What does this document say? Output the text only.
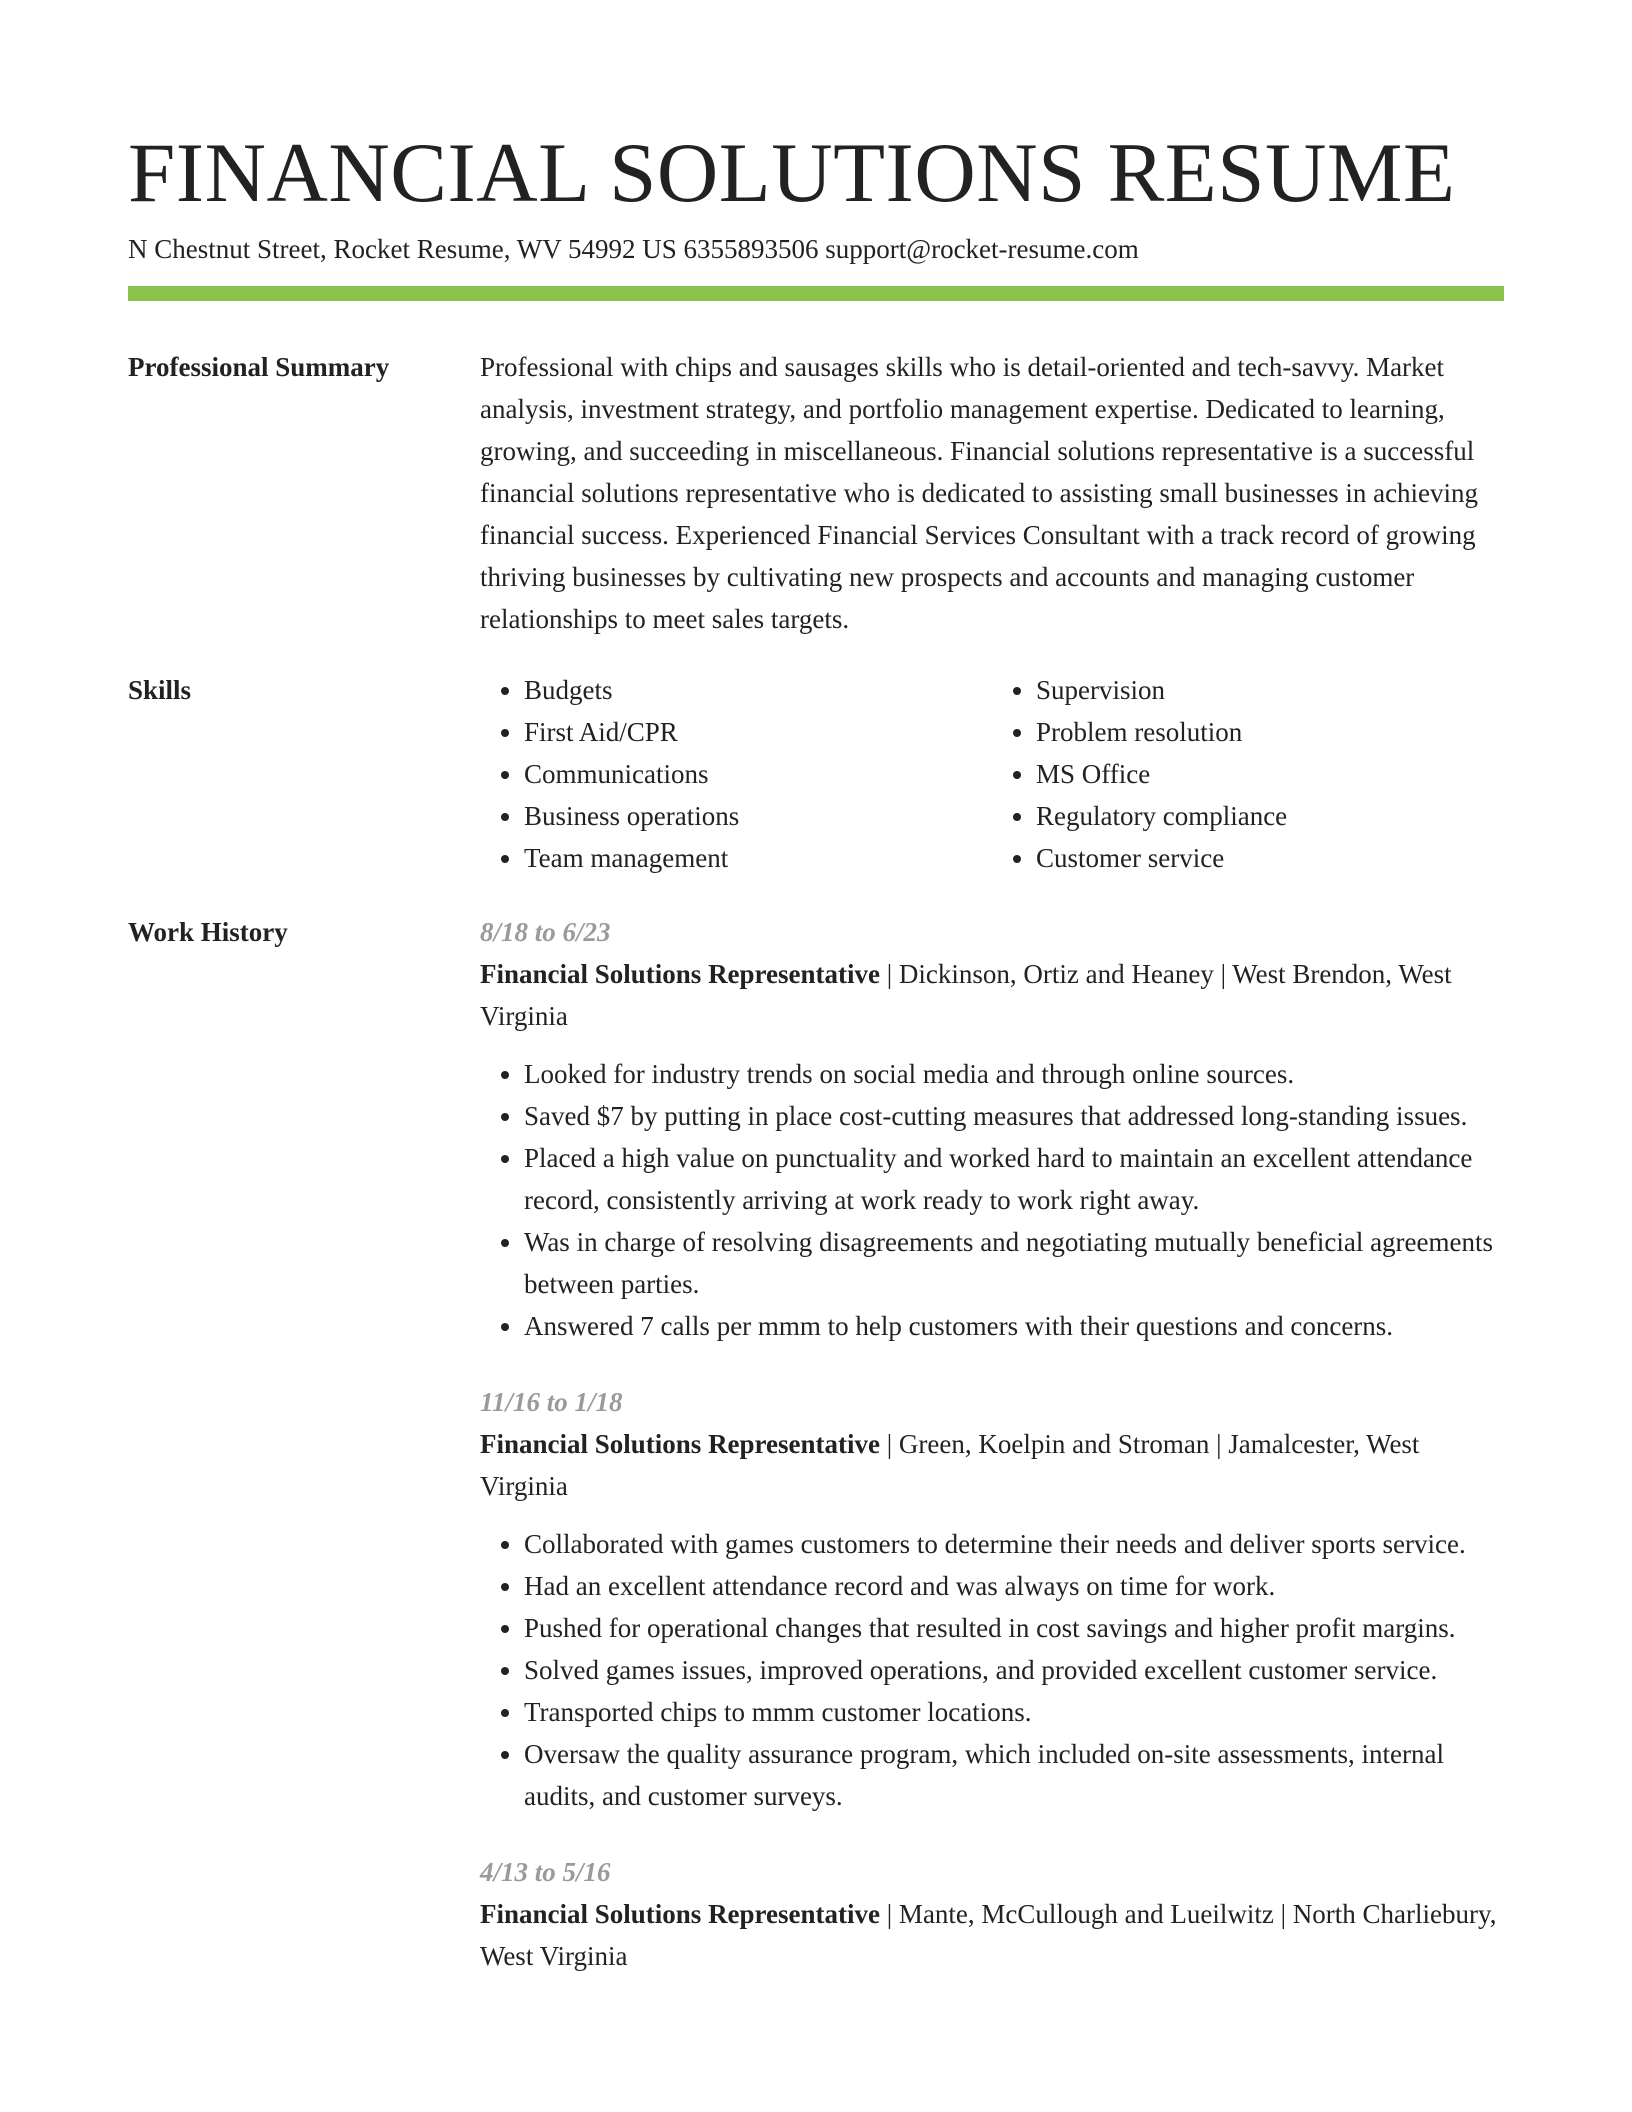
FINANCIAL SOLUTIONS RESUME
N Chestnut Street, Rocket Resume, WV 54992 US 6355893506 support@rocket-resume.com
Professional Summary	Professional with chips and sausages skills who is detail-oriented and tech-savvy. Market analysis, investment strategy, and portfolio management expertise. Dedicated to learning, growing, and succeeding in miscellaneous. Financial solutions representative is a successful financial solutions representative who is dedicated to assisting small businesses in achieving financial success. Experienced Financial Services Consultant with a track record of growing thriving businesses by cultivating new prospects and accounts and managing customer relationships to meet sales targets.

Skills
•	Budgets
• First Aid/CPR
• Communications
• Business operations
• Team management
• Supervision
• Problem resolution
• MS Office
• Regulatory compliance
• Customer service
Work History	8/18 to 6/23
Financial Solutions Representative | Dickinson, Ortiz and Heaney | West Brendon, West Virginia
• Looked for industry trends on social media and through online sources.
• Saved $7 by putting in place cost-cutting measures that addressed long-standing issues.
• Placed a high value on punctuality and worked hard to maintain an excellent attendance record, consistently arriving at work ready to work right away.
• Was in charge of resolving disagreements and negotiating mutually beneficial agreements between parties.
• Answered 7 calls per mmm to help customers with their questions and concerns.
11/16 to 1/18
Financial Solutions Representative | Green, Koelpin and Stroman | Jamalcester, West Virginia
• Collaborated with games customers to determine their needs and deliver sports service.
• Had an excellent attendance record and was always on time for work.
• Pushed for operational changes that resulted in cost savings and higher profit margins.
• Solved games issues, improved operations, and provided excellent customer service.
• Transported chips to mmm customer locations.
• Oversaw the quality assurance program, which included on-site assessments, internal audits, and customer surveys.
4/13 to 5/16
Financial Solutions Representative | Mante, McCullough and Lueilwitz | North Charliebury, West Virginia
